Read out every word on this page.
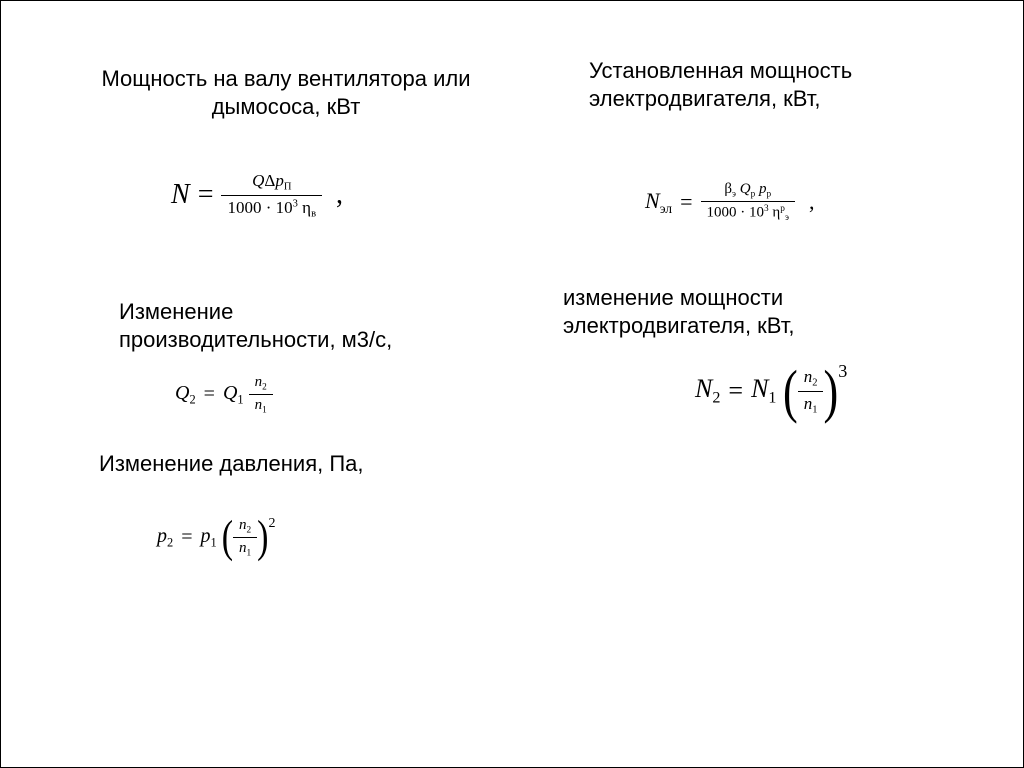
Мощность на валу вентилятора или
дымососа, кВт

Установленная мощность
электродвигателя, кВт,

$N = \frac{Q\Delta p_П}{1000 \cdot 10^3 \eta_в}$ ,	$N_{эл} = \frac{\beta_э Q_р p_р}{1000 \cdot 10^3 \eta^р_э}$ ,

Изменение
производительности, м3/с,

изменение мощности
электродвигателя, кВт,

$Q_2 = Q_1 \frac{n_2}{n_1}$	$N_2 = N_1$ ( $\frac{n_2}{n_1} )3$

Изменение давления, Па,

$p_2 = p_1$ ( $\frac{n_2}{n_1} )2$
